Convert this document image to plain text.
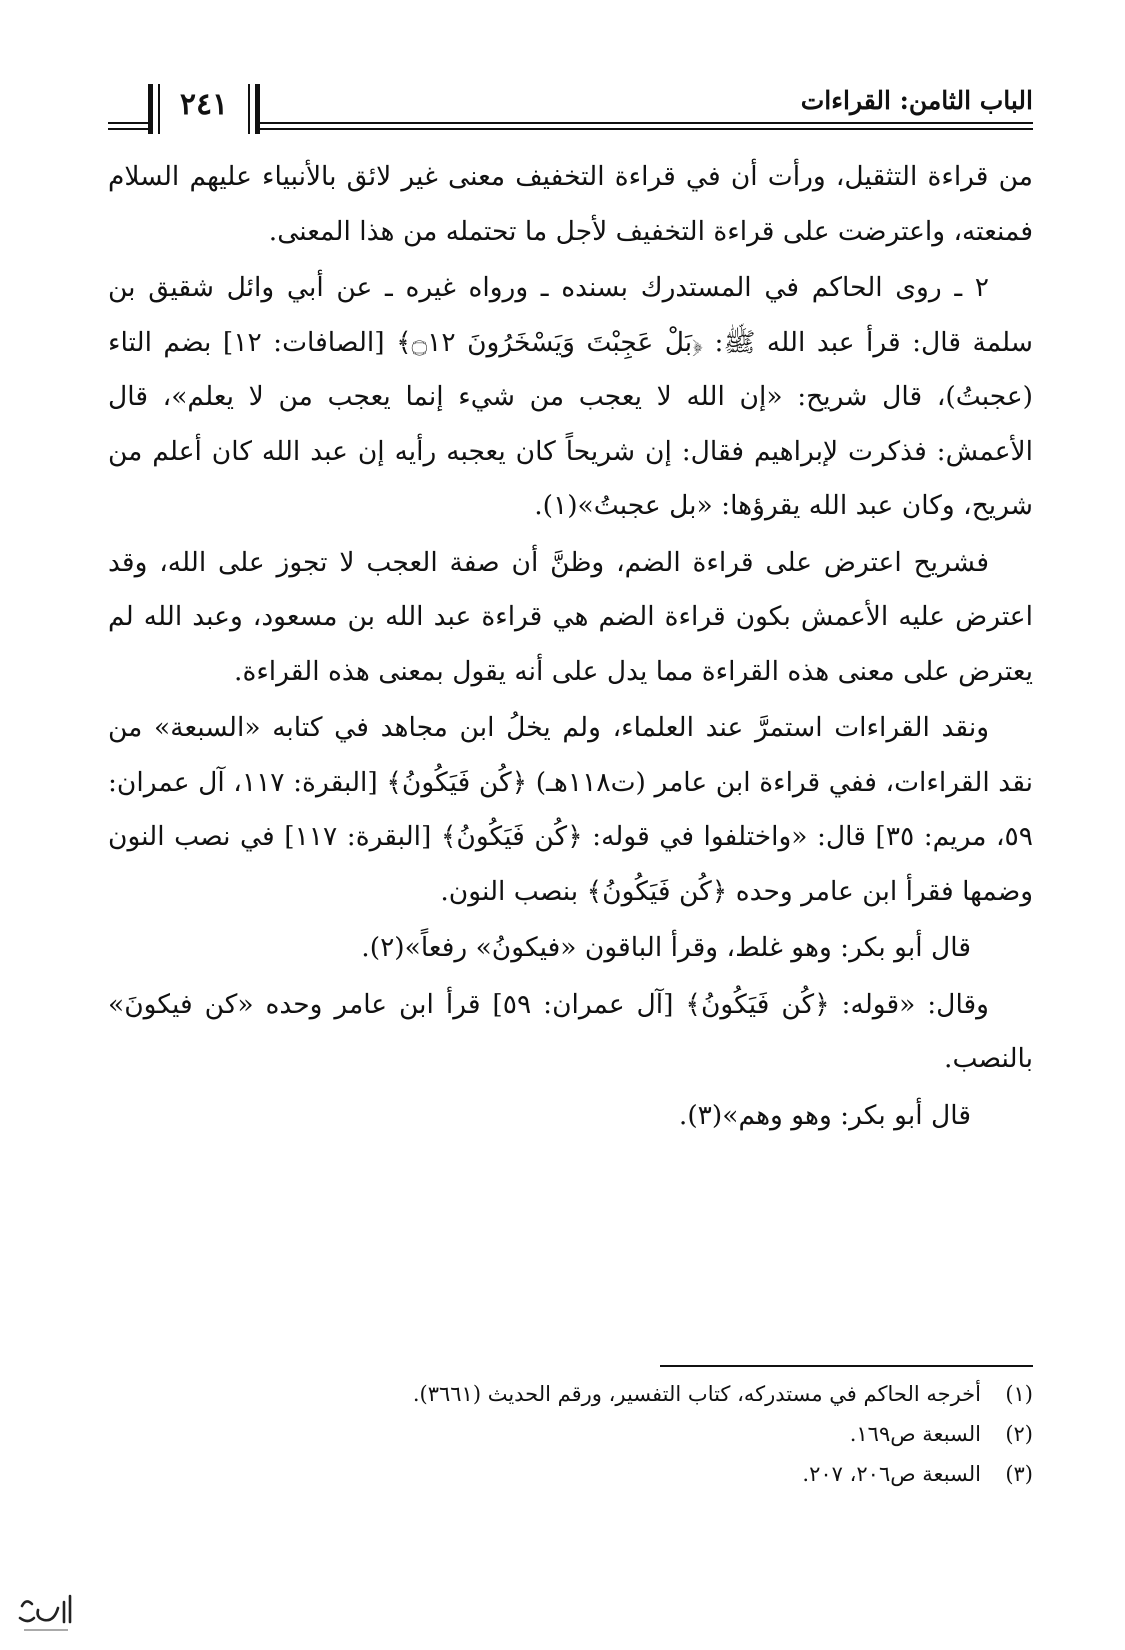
الباب الثامن: القراءات
٢٤١

من قراءة التثقيل، ورأت أن في قراءة التخفيف معنى غير لائق بالأنبياء عليهم السلام فمنعته، واعترضت على قراءة التخفيف لأجل ما تحتمله من هذا المعنى.

٢ ـ روى الحاكم في المستدرك بسنده ـ ورواه غيره ـ عن أبي وائل شقيق بن سلمة قال: قرأ عبد الله ﷺ: ﴿بَلْ عَجِبْتَ وَيَسْخَرُونَ ۝١٢﴾ [الصافات: ١٢] بضم التاء (عجبتُ)، قال شريح: «إن الله لا يعجب من شيء إنما يعجب من لا يعلم»، قال الأعمش: فذكرت لإبراهيم فقال: إن شريحاً كان يعجبه رأيه إن عبد الله كان أعلم من شريح، وكان عبد الله يقرؤها: «بل عجبتُ»(١).

فشريح اعترض على قراءة الضم، وظنَّ أن صفة العجب لا تجوز على الله، وقد اعترض عليه الأعمش بكون قراءة الضم هي قراءة عبد الله بن مسعود، وعبد الله لم يعترض على معنى هذه القراءة مما يدل على أنه يقول بمعنى هذه القراءة.

ونقد القراءات استمرَّ عند العلماء، ولم يخلُ ابن مجاهد في كتابه «السبعة» من نقد القراءات، ففي قراءة ابن عامر (ت١١٨هـ) ﴿كُن فَيَكُونُ﴾ [البقرة: ١١٧، آل عمران: ٥٩، مريم: ٣٥] قال: «واختلفوا في قوله: ﴿كُن فَيَكُونُ﴾ [البقرة: ١١٧] في نصب النون وضمها فقرأ ابن عامر وحده ﴿كُن فَيَكُونُ﴾ بنصب النون.

قال أبو بكر: وهو غلط، وقرأ الباقون «فيكونُ» رفعاً»(٢).

وقال: «قوله: ﴿كُن فَيَكُونُ﴾ [آل عمران: ٥٩] قرأ ابن عامر وحده «كن فيكونَ» بالنصب.

قال أبو بكر: وهو وهم»(٣).

(١)أخرجه الحاكم في مستدركه، كتاب التفسير، ورقم الحديث (٣٦٦١).
(٢)السبعة ص١٦٩.
(٣)السبعة ص٢٠٦، ٢٠٧.
